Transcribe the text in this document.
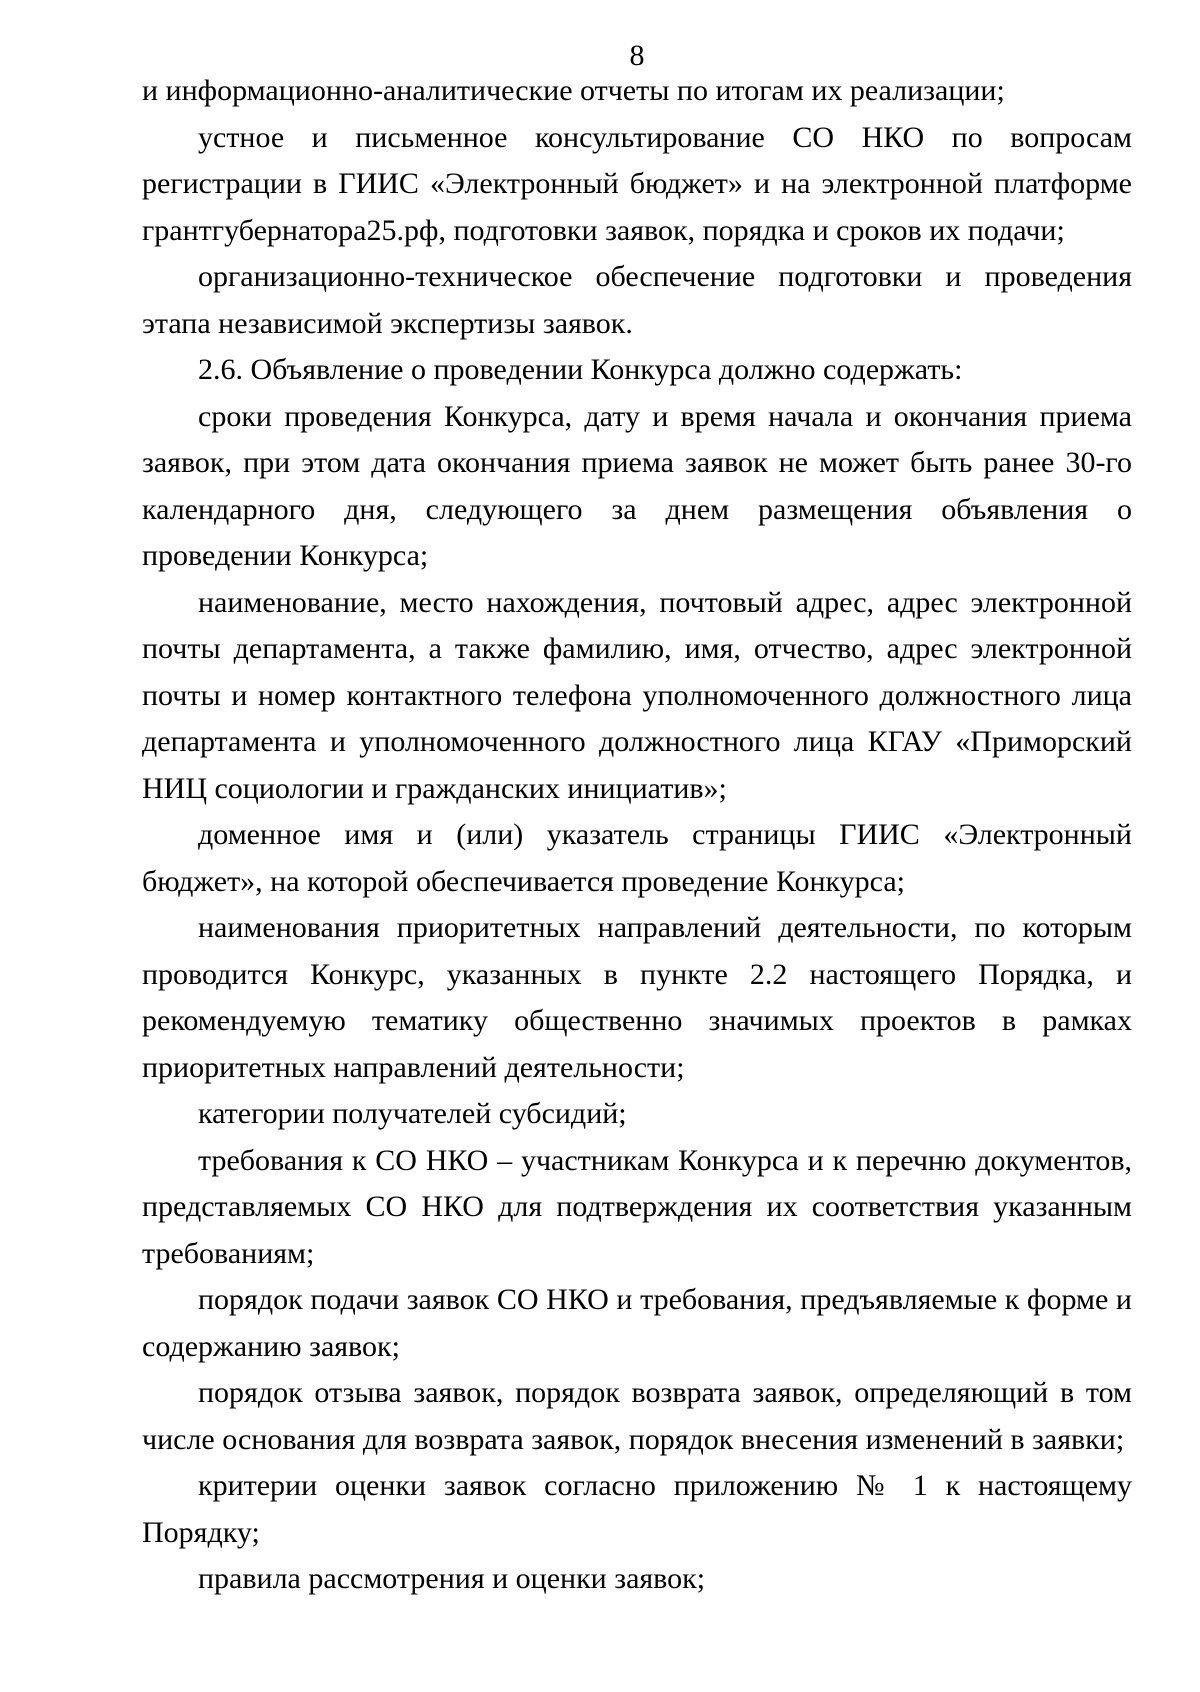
8

и информационно-аналитические отчеты по итогам их реализации;

устное и письменное консультирование СО НКО по вопросам регистрации в ГИИС «Электронный бюджет» и на электронной платформе грантгубернатора25.рф, подготовки заявок, порядка и сроков их подачи;

организационно-техническое обеспечение подготовки и проведения этапа независимой экспертизы заявок.

2.6. Объявление о проведении Конкурса должно содержать:

сроки проведения Конкурса, дату и время начала и окончания приема заявок, при этом дата окончания приема заявок не может быть ранее 30-го календарного дня, следующего за днем размещения объявления о проведении Конкурса;

наименование, место нахождения, почтовый адрес, адрес электронной почты департамента, а также фамилию, имя, отчество, адрес электронной почты и номер контактного телефона уполномоченного должностного лица департамента и уполномоченного должностного лица КГАУ «Приморский НИЦ социологии и гражданских инициатив»;

доменное имя и (или) указатель страницы ГИИС «Электронный бюджет», на которой обеспечивается проведение Конкурса;

наименования приоритетных направлений деятельности, по которым проводится Конкурс, указанных в пункте 2.2 настоящего Порядка, и рекомендуемую тематику общественно значимых проектов в рамках приоритетных направлений деятельности;

категории получателей субсидий;

требования к СО НКО – участникам Конкурса и к перечню документов, представляемых СО НКО для подтверждения их соответствия указанным требованиям;

порядок подачи заявок СО НКО и требования, предъявляемые к форме и содержанию заявок;

порядок отзыва заявок, порядок возврата заявок, определяющий в том числе основания для возврата заявок, порядок внесения изменений в заявки;

критерии оценки заявок согласно приложению № 1 к настоящему Порядку;

правила рассмотрения и оценки заявок;
